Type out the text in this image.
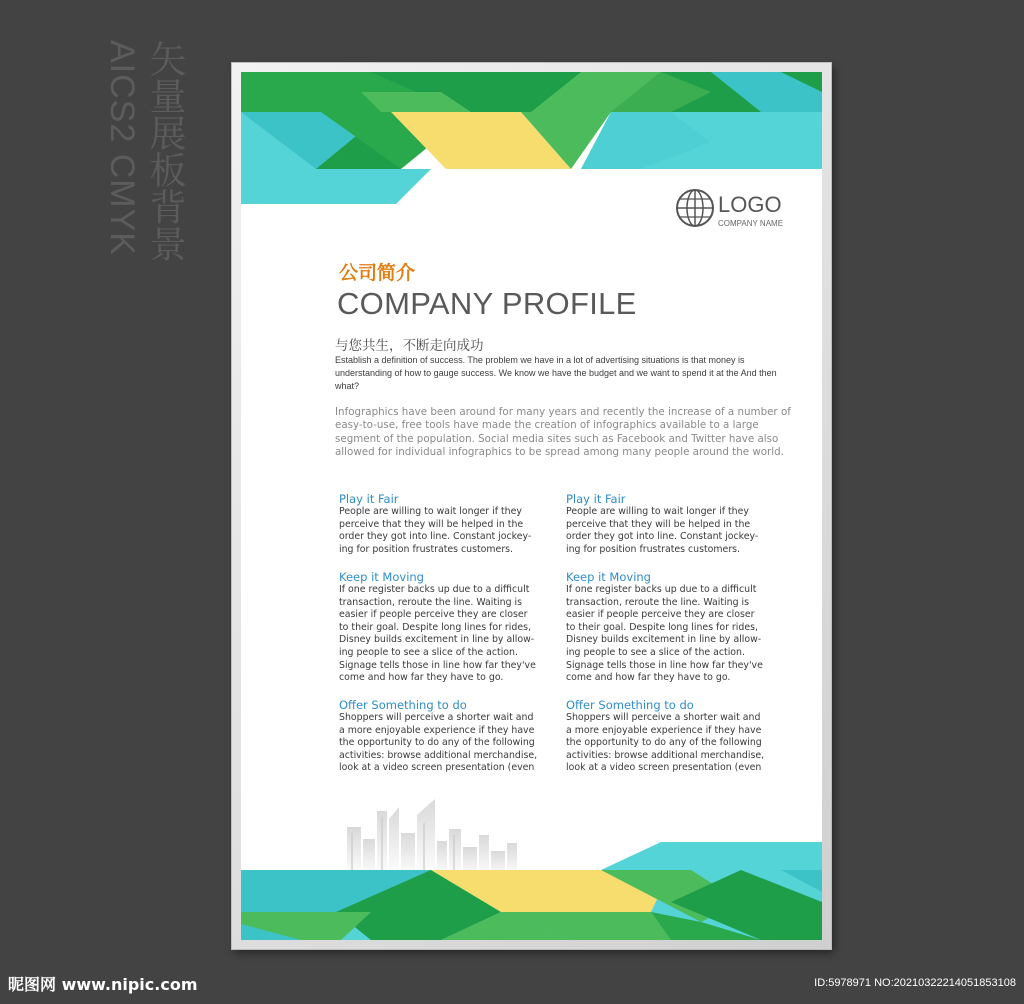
矢量展板背景
AICS2 CMYK	LOGO
COMPANY NAME
公司简介
COMPANY PROFILE
与您共生，不断走向成功
Establish a definition of success. The problem we have in a lot of advertising situations is that money is understanding of how to gauge success. We know we have the budget and we want to spend it at the And then what?
Infographics have been around for many years and recently the increase of a number of easy-to-use, free tools have made the creation of infographics available to a large segment of the population. Social media sites such as Facebook and Twitter have also allowed for individual infographics to be spread among many people around the world.

Play it Fair

People are willing to wait longer if they
perceive that they will be helped in the
order they got into line. Constant jockey-
ing for position frustrates customers.

Keep it Moving

If one register backs up due to a difficult
transaction, reroute the line. Waiting is
easier if people perceive they are closer
to their goal. Despite long lines for rides,
Disney builds excitement in line by allow-
ing people to see a slice of the action.
Signage tells those in line how far they've
come and how far they have to go.

Offer Something to do

Shoppers will perceive a shorter wait and
a more enjoyable experience if they have
the opportunity to do any of the following
activities: browse additional merchandise,
look at a video screen presentation (even

Play it Fair

People are willing to wait longer if they
perceive that they will be helped in the
order they got into line. Constant jockey-
ing for position frustrates customers.

Keep it Moving

If one register backs up due to a difficult
transaction, reroute the line. Waiting is
easier if people perceive they are closer
to their goal. Despite long lines for rides,
Disney builds excitement in line by allow-
ing people to see a slice of the action.
Signage tells those in line how far they've
come and how far they have to go.

Offer Something to do

Shoppers will perceive a shorter wait and
a more enjoyable experience if they have
the opportunity to do any of the following
activities: browse additional merchandise,
look at a video screen presentation (even

昵图网 www.nipic.com	ID:5978971 NO:20210322214051853108
